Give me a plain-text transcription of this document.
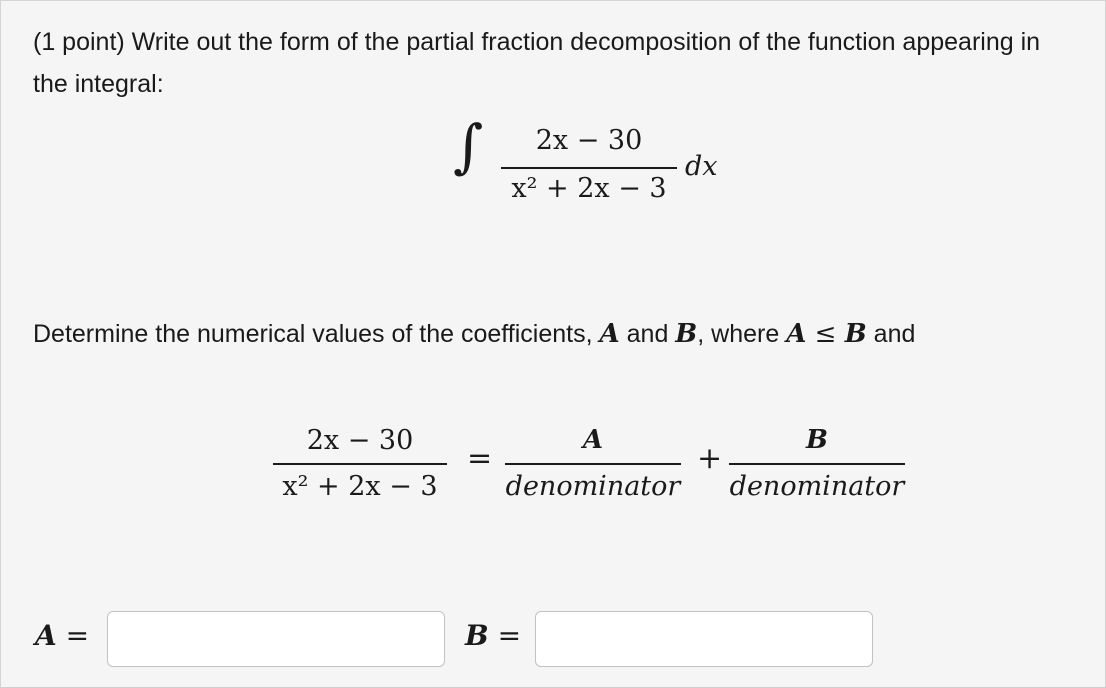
(1 point) Write out the form of the partial fraction decomposition of the function appearing in the integral:
∫	2x − 30
x² + 2x − 3
dx
Determine the numerical values of the coefficients, A and B, where A ≤ B and
2x − 30
x² + 2x − 3
=
A
denominator
+
B
denominator
A =	B =
